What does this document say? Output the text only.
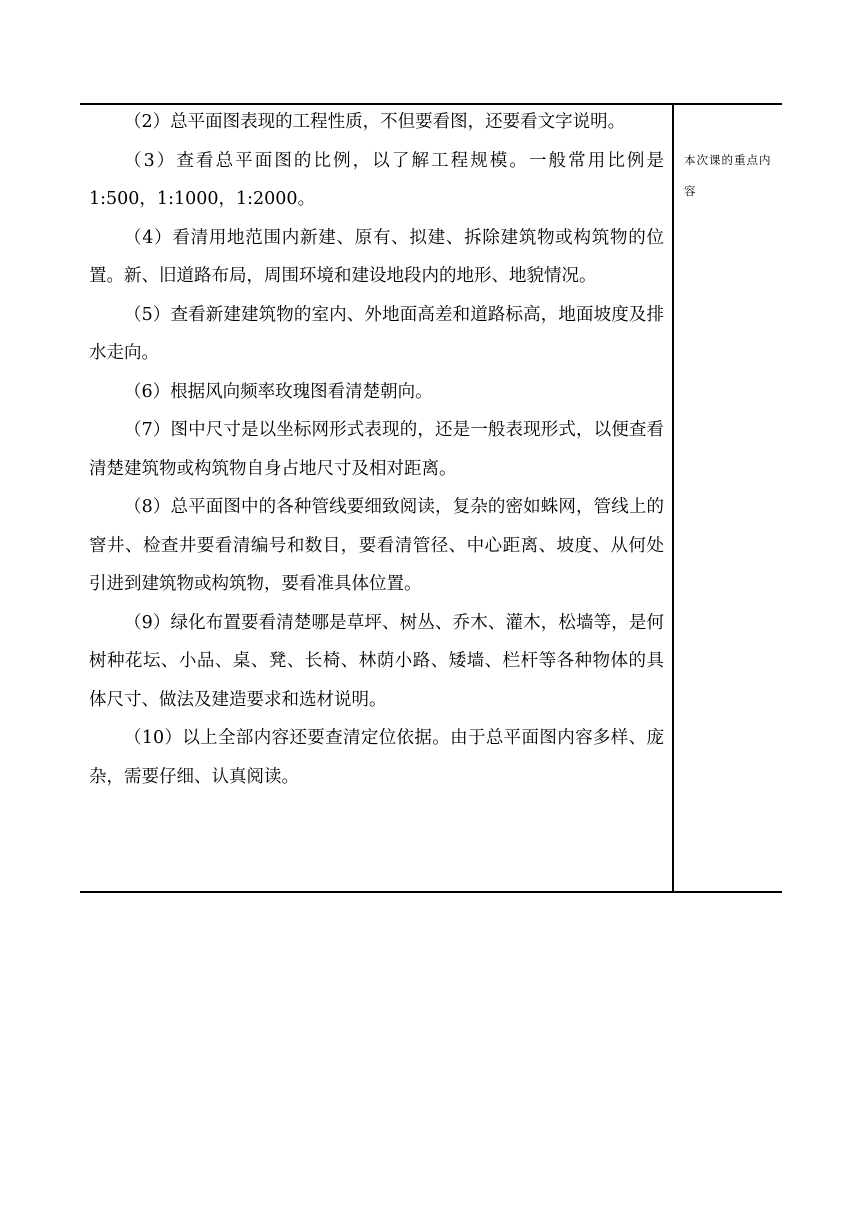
（2）总平面图表现的工程性质，不但要看图，还要看文字说明。

（3）查看总平面图的比例，以了解工程规模。一般常用比例是 1:500，1:1000，1:2000。

（4）看清用地范围内新建、原有、拟建、拆除建筑物或构筑物的位置。新、旧道路布局，周围环境和建设地段内的地形、地貌情况。

（5）查看新建建筑物的室内、外地面高差和道路标高，地面坡度及排水走向。

（6）根据风向频率玫瑰图看清楚朝向。

（7）图中尺寸是以坐标网形式表现的，还是一般表现形式，以便查看清楚建筑物或构筑物自身占地尺寸及相对距离。

（8）总平面图中的各种管线要细致阅读，复杂的密如蛛网，管线上的窨井、检查井要看清编号和数目，要看清管径、中心距离、坡度、从何处引进到建筑物或构筑物，要看准具体位置。

（9）绿化布置要看清楚哪是草坪、树丛、乔木、灌木，松墙等，是何树种花坛、小品、桌、凳、长椅、林荫小路、矮墙、栏杆等各种物体的具体尺寸、做法及建造要求和选材说明。

（10）以上全部内容还要查清定位依据。由于总平面图内容多样、庞杂，需要仔细、认真阅读。

本次课的重点内容
